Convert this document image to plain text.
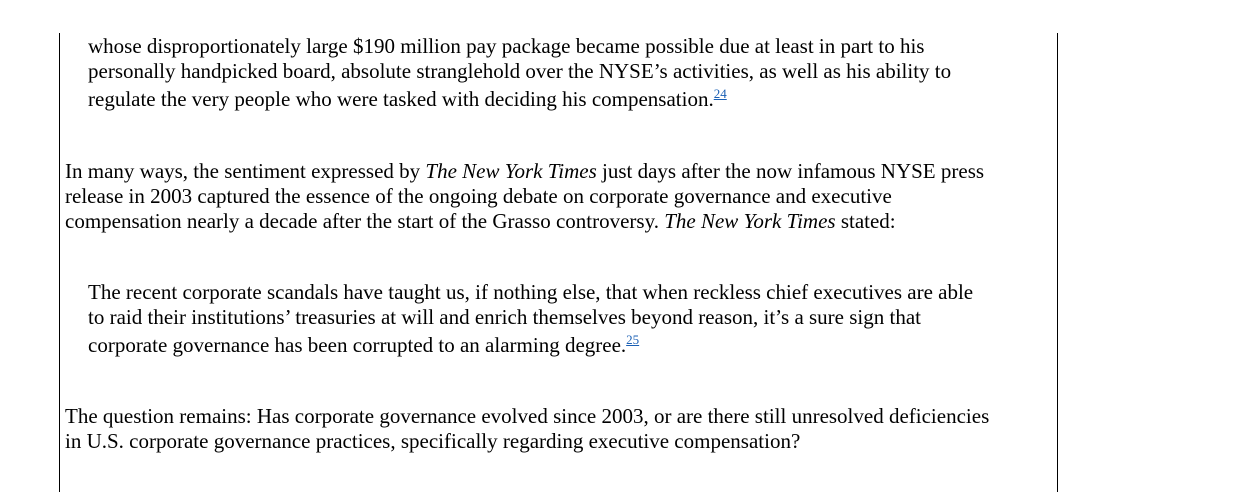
whose disproportionately large $190 million pay package became possible due at least in part to his
personally handpicked board, absolute stranglehold over the NYSE’s activities, as well as his ability to
regulate the very people who were tasked with deciding his compensation.$^{24}$
In many ways, the sentiment expressed by The New York Times just days after the now infamous NYSE press
release in 2003 captured the essence of the ongoing debate on corporate governance and executive
compensation nearly a decade after the start of the Grasso controversy. The New York Times stated:
The recent corporate scandals have taught us, if nothing else, that when reckless chief executives are able
to raid their institutions’ treasuries at will and enrich themselves beyond reason, it’s a sure sign that
corporate governance has been corrupted to an alarming degree.$^{25}$
The question remains: Has corporate governance evolved since 2003, or are there still unresolved deficiencies
in U.S. corporate governance practices, specifically regarding executive compensation?
